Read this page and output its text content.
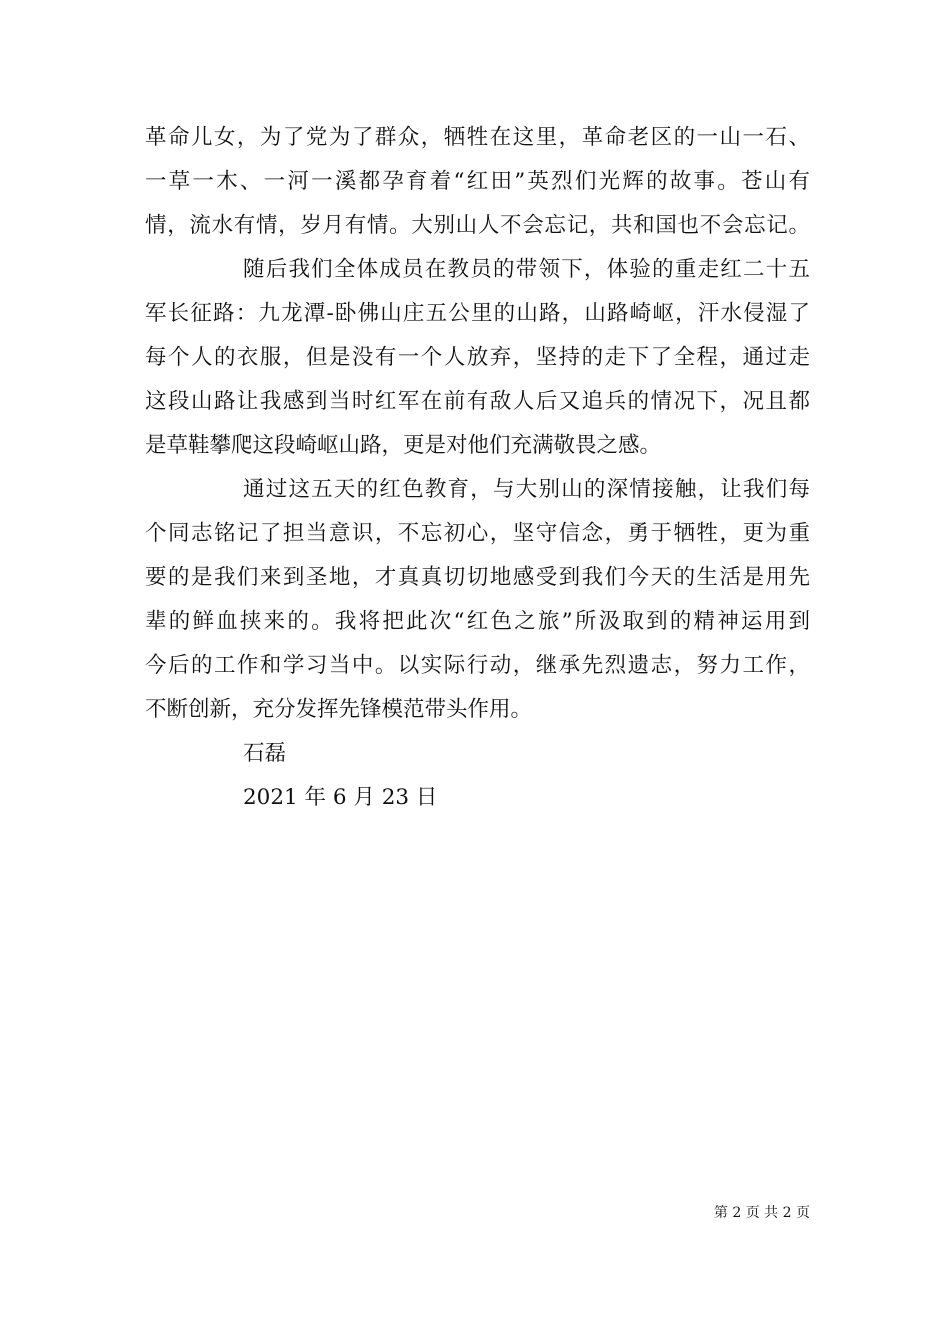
革命儿女，为了党为了群众，牺牲在这里，革命老区的一山一石、
一草一木、一河一溪都孕育着“红田”英烈们光辉的故事。苍山有
情，流水有情，岁月有情。大别山人不会忘记，共和国也不会忘记。
随后我们全体成员在教员的带领下，体验的重走红二十五
军长征路：九龙潭-卧佛山庄五公里的山路，山路崎岖，汗水侵湿了
每个人的衣服，但是没有一个人放弃，坚持的走下了全程，通过走
这段山路让我感到当时红军在前有敌人后又追兵的情况下，况且都
是草鞋攀爬这段崎岖山路，更是对他们充满敬畏之感。
通过这五天的红色教育，与大别山的深情接触，让我们每
个同志铭记了担当意识，不忘初心，坚守信念，勇于牺牲，更为重
要的是我们来到圣地，才真真切切地感受到我们今天的生活是用先
辈的鲜血挟来的。我将把此次“红色之旅”所汲取到的精神运用到
今后的工作和学习当中。以实际行动，继承先烈遗志，努力工作，
不断创新，充分发挥先锋模范带头作用。
石磊
2021 年 6 月 23 日
第 2 页 共 2 页
